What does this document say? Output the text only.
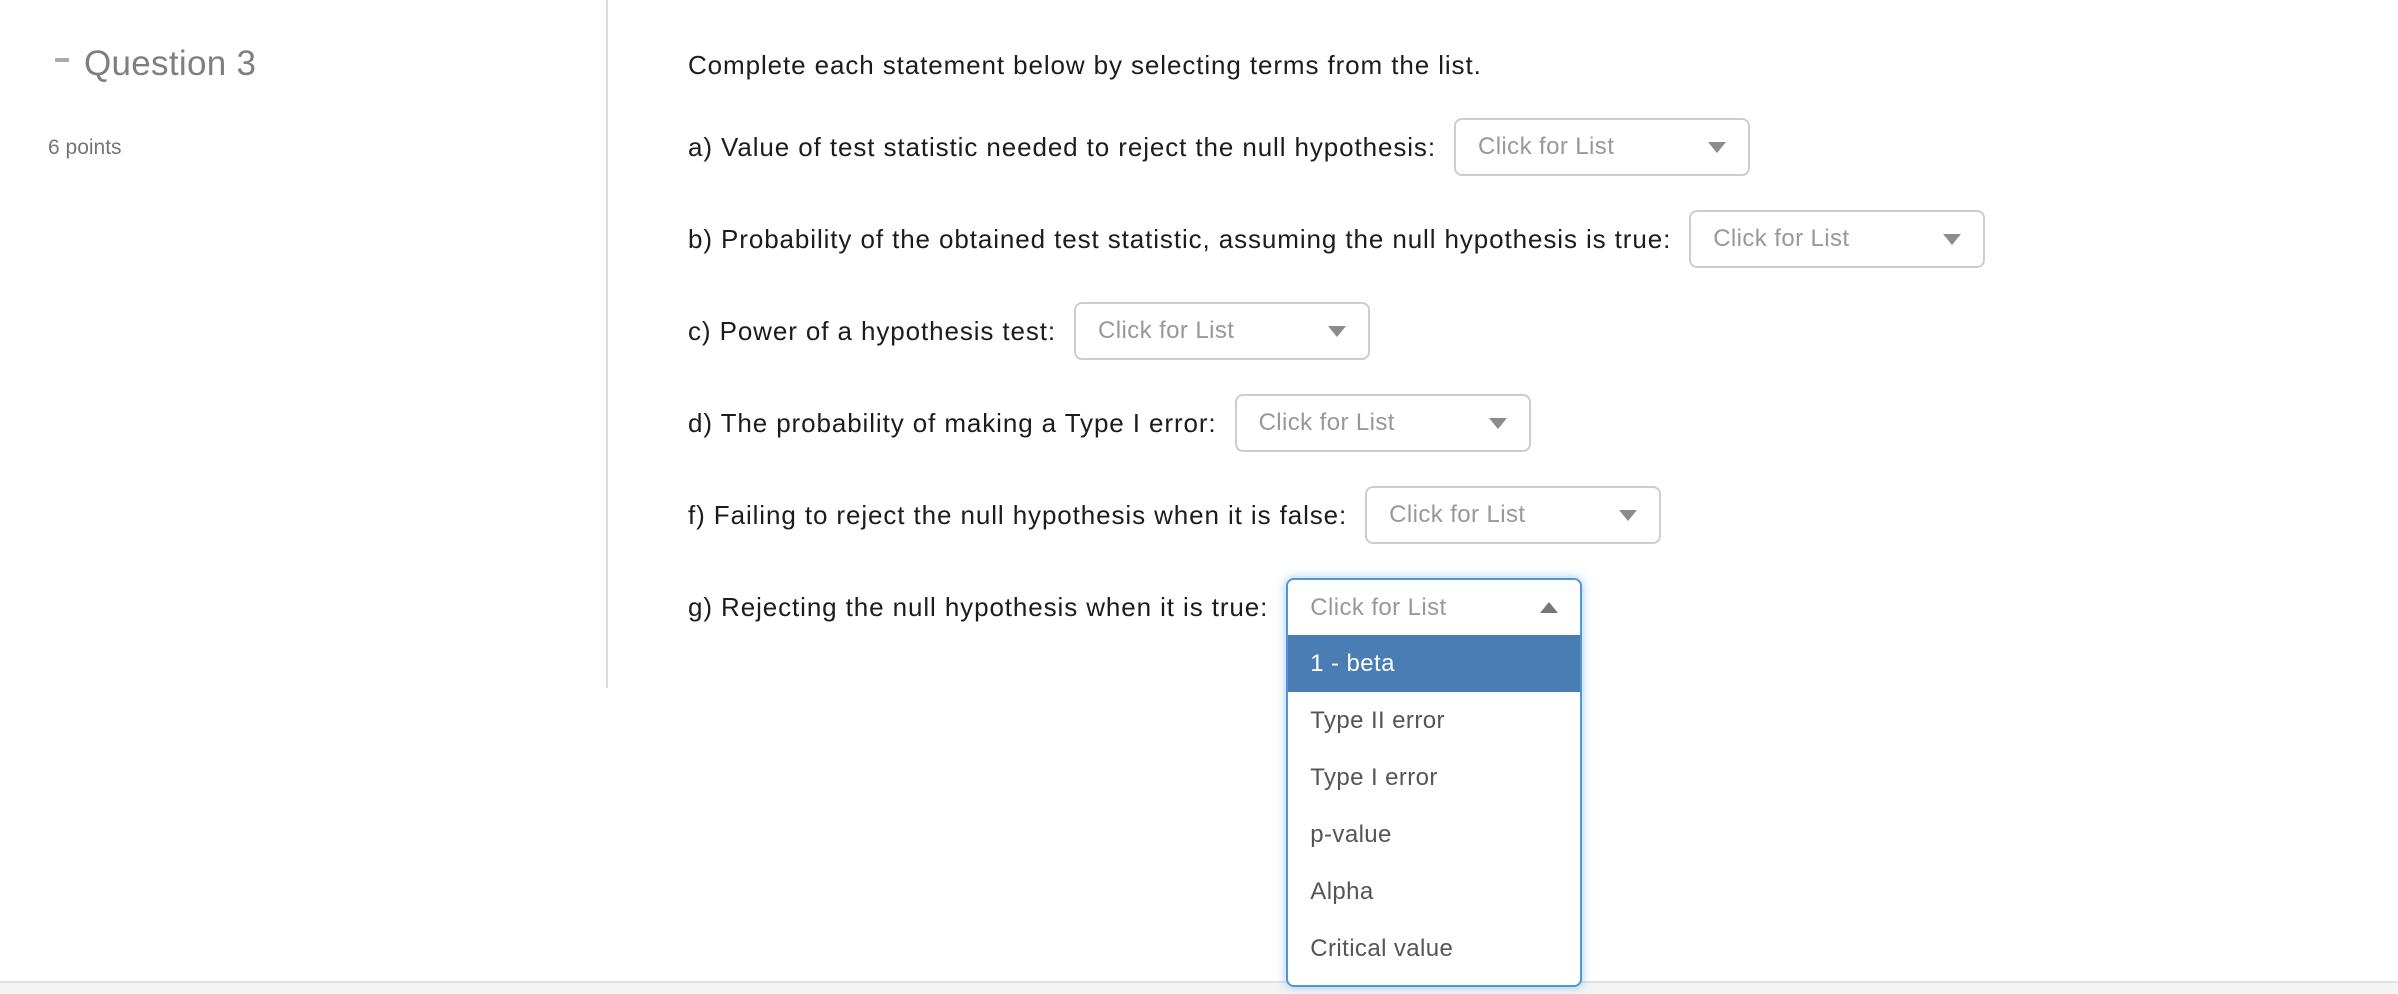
Question 3
6 points
Complete each statement below by selecting terms from the list.
a) Value of test statistic needed to reject the null hypothesis: Click for List
b) Probability of the obtained test statistic, assuming the null hypothesis is true: Click for List
c) Power of a hypothesis test: Click for List
d) The probability of making a Type I error: Click for List
f) Failing to reject the null hypothesis when it is false: Click for List
g) Rejecting the null hypothesis when it is true: Click for List
1 - beta
Type II error
Type I error
p-value
Alpha
Critical value
